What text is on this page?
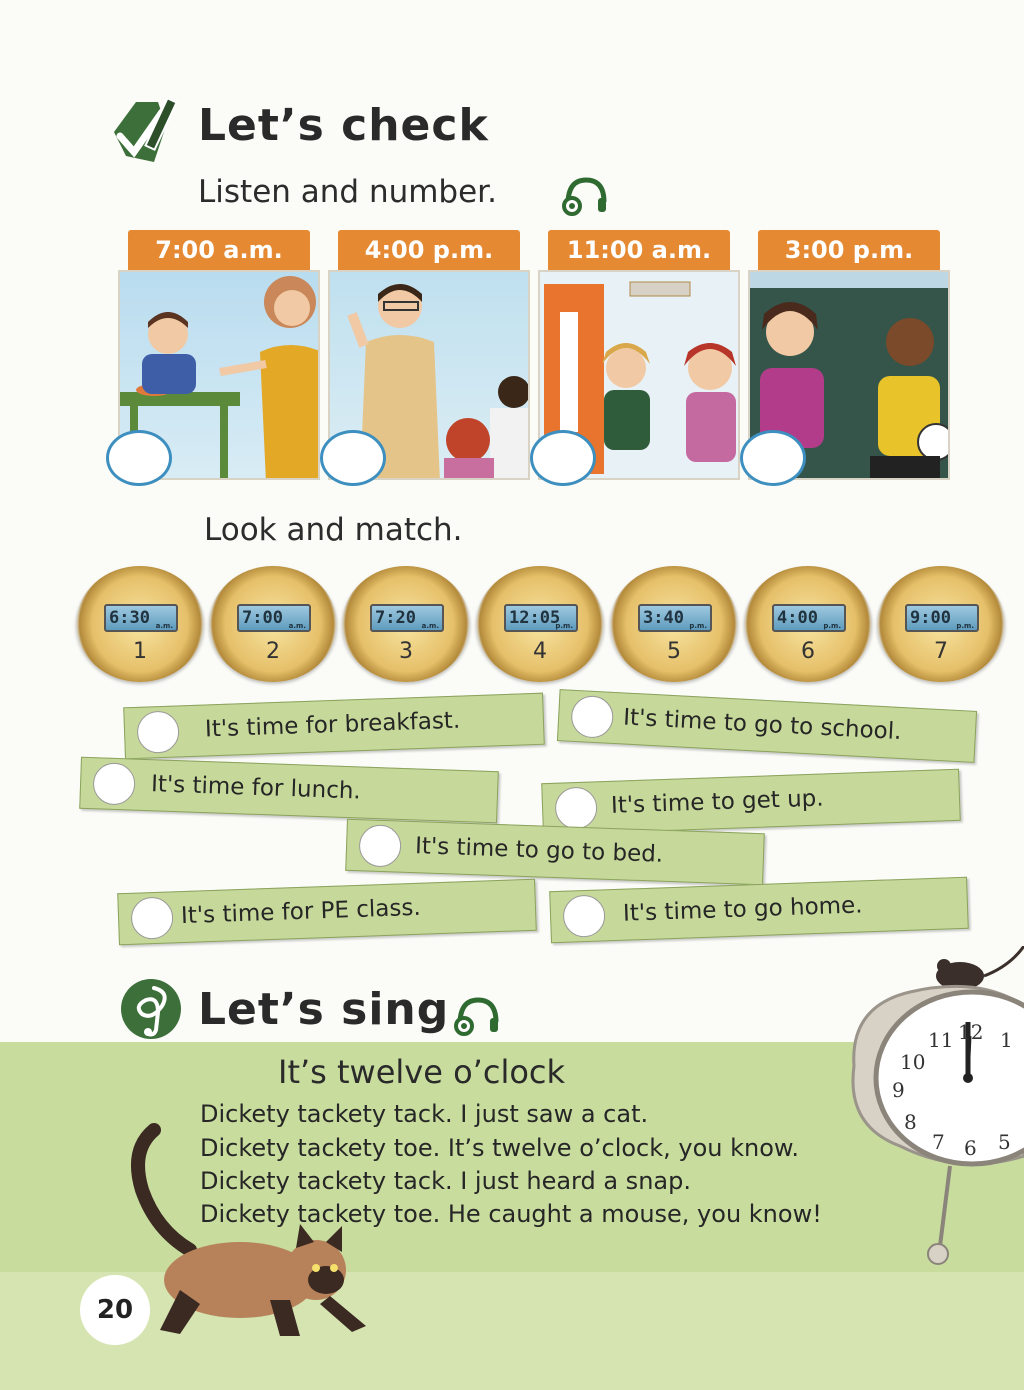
Let’s check
Listen and number.
7:00 a.m.	4:00 p.m.	11:00 a.m.	3:00 p.m.
Look and match.
6:30 a.m.
1
7:00 a.m.
2
7:20 a.m.
3
12:05
p.m.
4
3:40 p.m.
5
4:00 p.m.
6
9:00 p.m.
7
It's time for breakfast.	It's time to go to school.
It's time for lunch.	It's time to get up.
It's time to go to bed.
It's time for PE class.	It's time to go home.
Let’s sing
It’s twelve o’clock
Dickety tackety tack. I just saw a cat.
Dickety tackety toe. It’s twelve o’clock, you know.
Dickety tackety tack. I just heard a snap.
Dickety tackety toe. He caught a mouse, you know!
12 1
11
10
9
8
7 6 5
20
